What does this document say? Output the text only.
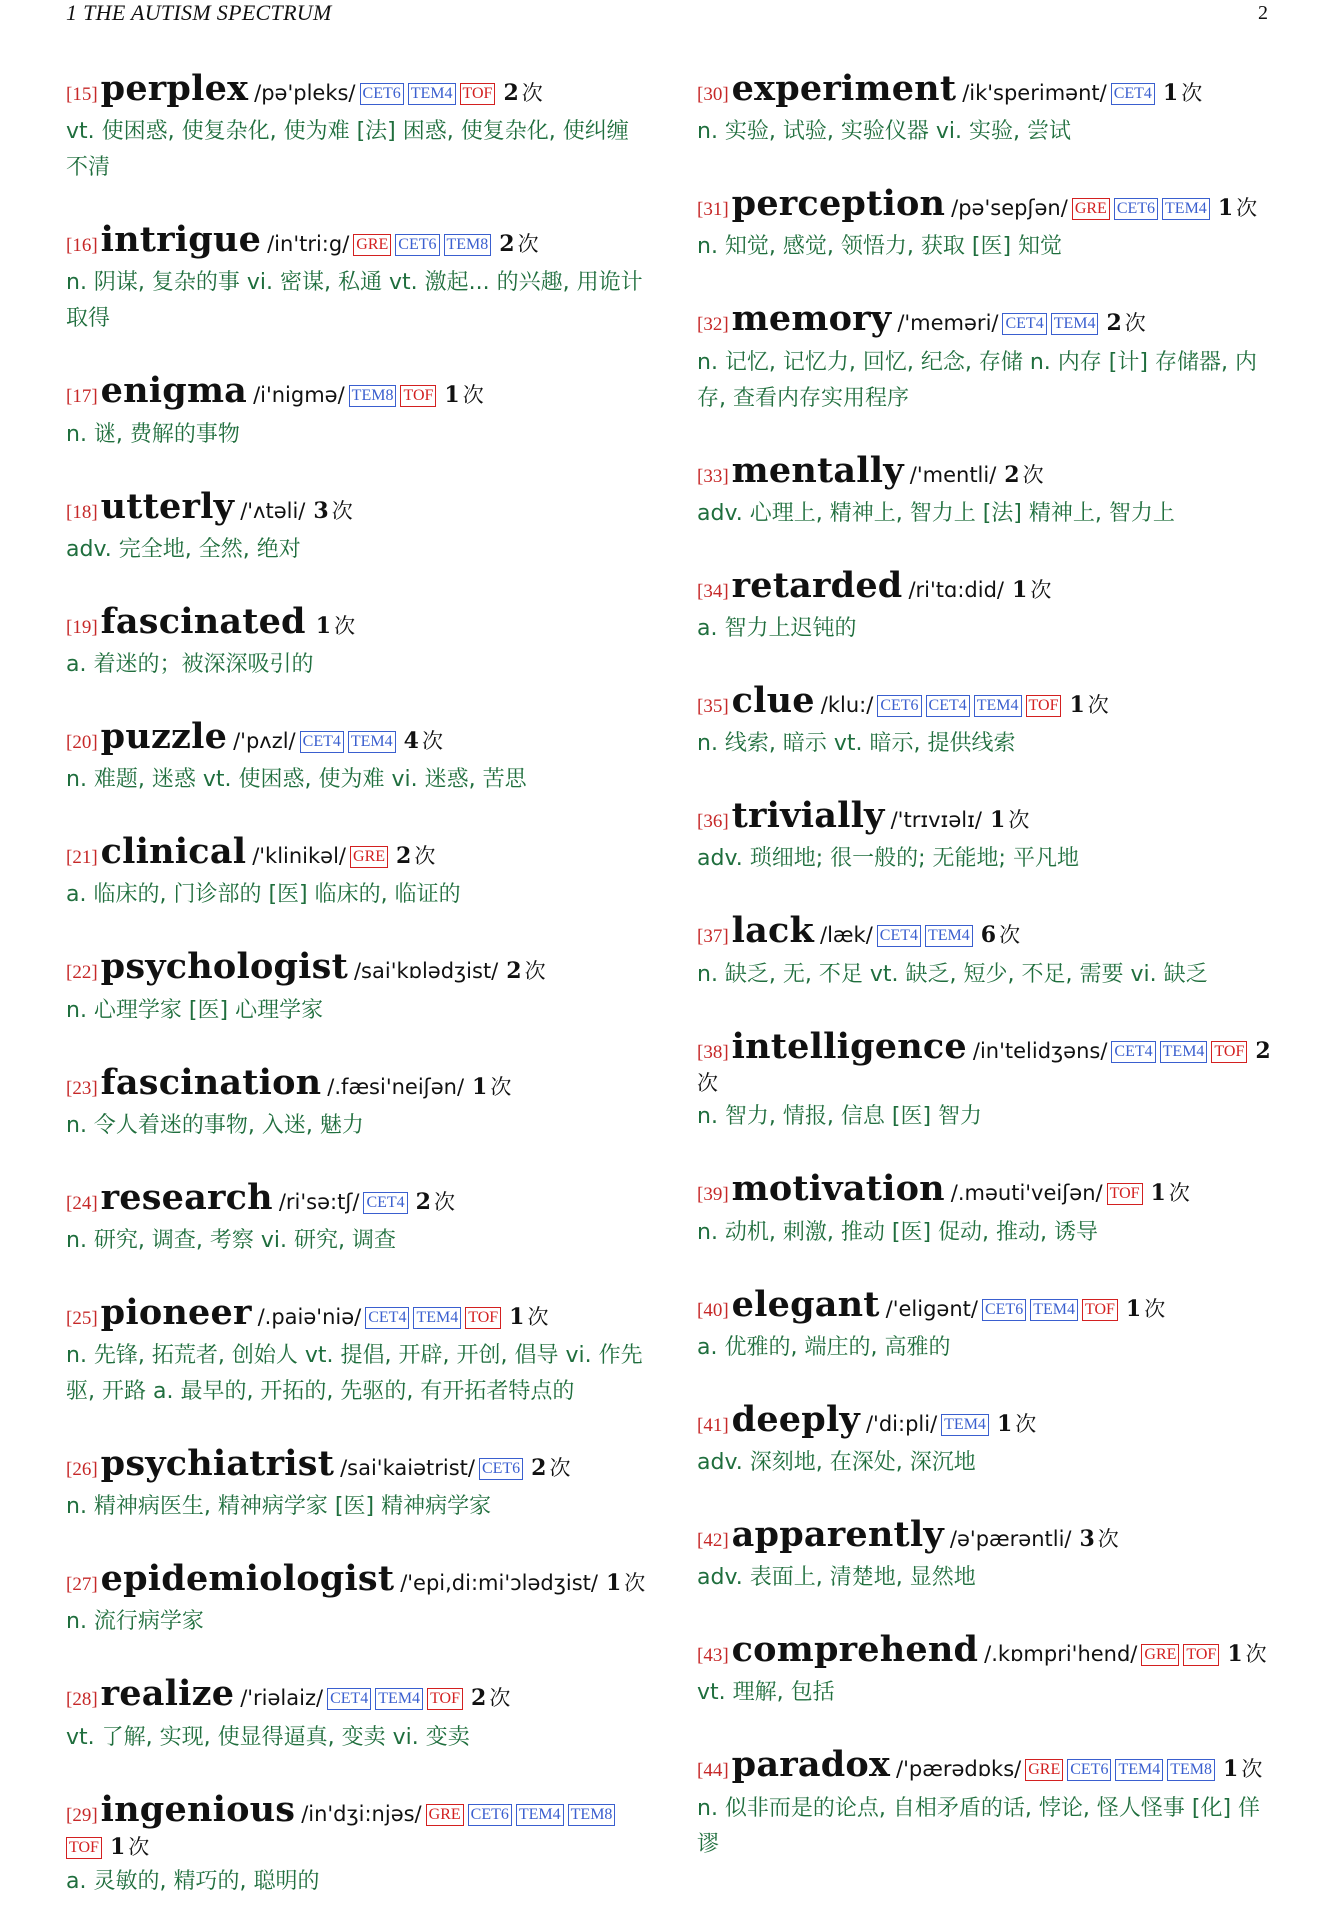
1 THE AUTISM SPECTRUM	2
[15]perplex /pə'pleks/ CET6 TEM4 TOF 2 次
vt. 使困惑, 使复杂化, 使为难 [法] 困惑, 使复杂化, 使纠缠不清
[16]intrigue /in'tri:g/ GRE CET6 TEM8 2 次
n. 阴谋, 复杂的事 vi. 密谋, 私通 vt. 激起... 的兴趣, 用诡计取得
[17]enigma /i'nigmə/ TEM8 TOF 1 次
n. 谜, 费解的事物
[18]utterly /'ʌtəli/ 3 次
adv. 完全地, 全然, 绝对
[19]fascinated 1 次
a. 着迷的；被深深吸引的
[20]puzzle /'pʌzl/ CET4 TEM4 4 次
n. 难题, 迷惑 vt. 使困惑, 使为难 vi. 迷惑, 苦思
[21]clinical /'klinikəl/ GRE 2 次
a. 临床的, 门诊部的 [医] 临床的, 临证的
[22]psychologist /sai'kɒlədʒist/ 2 次
n. 心理学家 [医] 心理学家
[23]fascination /.fæsi'neiʃən/ 1 次
n. 令人着迷的事物, 入迷, 魅力
[24]research /ri'sə:tʃ/ CET4 2 次
n. 研究, 调查, 考察 vi. 研究, 调查
[25]pioneer /.paiə'niə/ CET4 TEM4 TOF 1 次
n. 先锋, 拓荒者, 创始人 vt. 提倡, 开辟, 开创, 倡导 vi. 作先驱, 开路 a. 最早的, 开拓的, 先驱的, 有开拓者特点的
[26]psychiatrist /sai'kaiətrist/ CET6 2 次
n. 精神病医生, 精神病学家 [医] 精神病学家
[27]epidemiologist /'epi,di:mi'ɔlədʒist/ 1 次
n. 流行病学家
[28]realize /'riəlaiz/ CET4 TEM4 TOF 2 次
vt. 了解, 实现, 使显得逼真, 变卖 vi. 变卖
[29]ingenious /in'dʒi:njəs/ GRE CET6 TEM4 TEM8TOF 1 次
a. 灵敏的, 精巧的, 聪明的
[30]experiment /ik'sperimənt/ CET4 1 次
n. 实验, 试验, 实验仪器 vi. 实验, 尝试
[31]perception /pə'sepʃən/ GRE CET6 TEM4 1 次
n. 知觉, 感觉, 领悟力, 获取 [医] 知觉
[32]memory /'meməri/ CET4 TEM4 2 次
n. 记忆, 记忆力, 回忆, 纪念, 存储 n. 内存 [计] 存储器, 内存, 查看内存实用程序
[33]mentally /'mentli/ 2 次
adv. 心理上, 精神上, 智力上 [法] 精神上, 智力上
[34]retarded /ri'tɑ:did/ 1 次
a. 智力上迟钝的
[35]clue /klu:/ CET6 CET4 TEM4 TOF 1 次
n. 线索, 暗示 vt. 暗示, 提供线索
[36]trivially /'trɪvɪəlɪ/ 1 次
adv. 琐细地; 很一般的; 无能地; 平凡地
[37]lack /læk/ CET4 TEM4 6 次
n. 缺乏, 无, 不足 vt. 缺乏, 短少, 不足, 需要 vi. 缺乏
[38]intelligence /in'telidʒəns/ CET4 TEM4 TOF 2次
n. 智力, 情报, 信息 [医] 智力
[39]motivation /.məuti'veiʃən/ TOF 1 次
n. 动机, 刺激, 推动 [医] 促动, 推动, 诱导
[40]elegant /'eligənt/ CET6 TEM4 TOF 1 次
a. 优雅的, 端庄的, 高雅的
[41]deeply /'di:pli/ TEM4 1 次
adv. 深刻地, 在深处, 深沉地
[42]apparently /ə'pærəntli/ 3 次
adv. 表面上, 清楚地, 显然地
[43]comprehend /.kɒmpri'hend/ GRE TOF 1 次
vt. 理解, 包括
[44]paradox /'pærədɒks/ GRE CET6 TEM4 TEM8 1 次
n. 似非而是的论点, 自相矛盾的话, 悖论, 怪人怪事 [化] 佯谬
